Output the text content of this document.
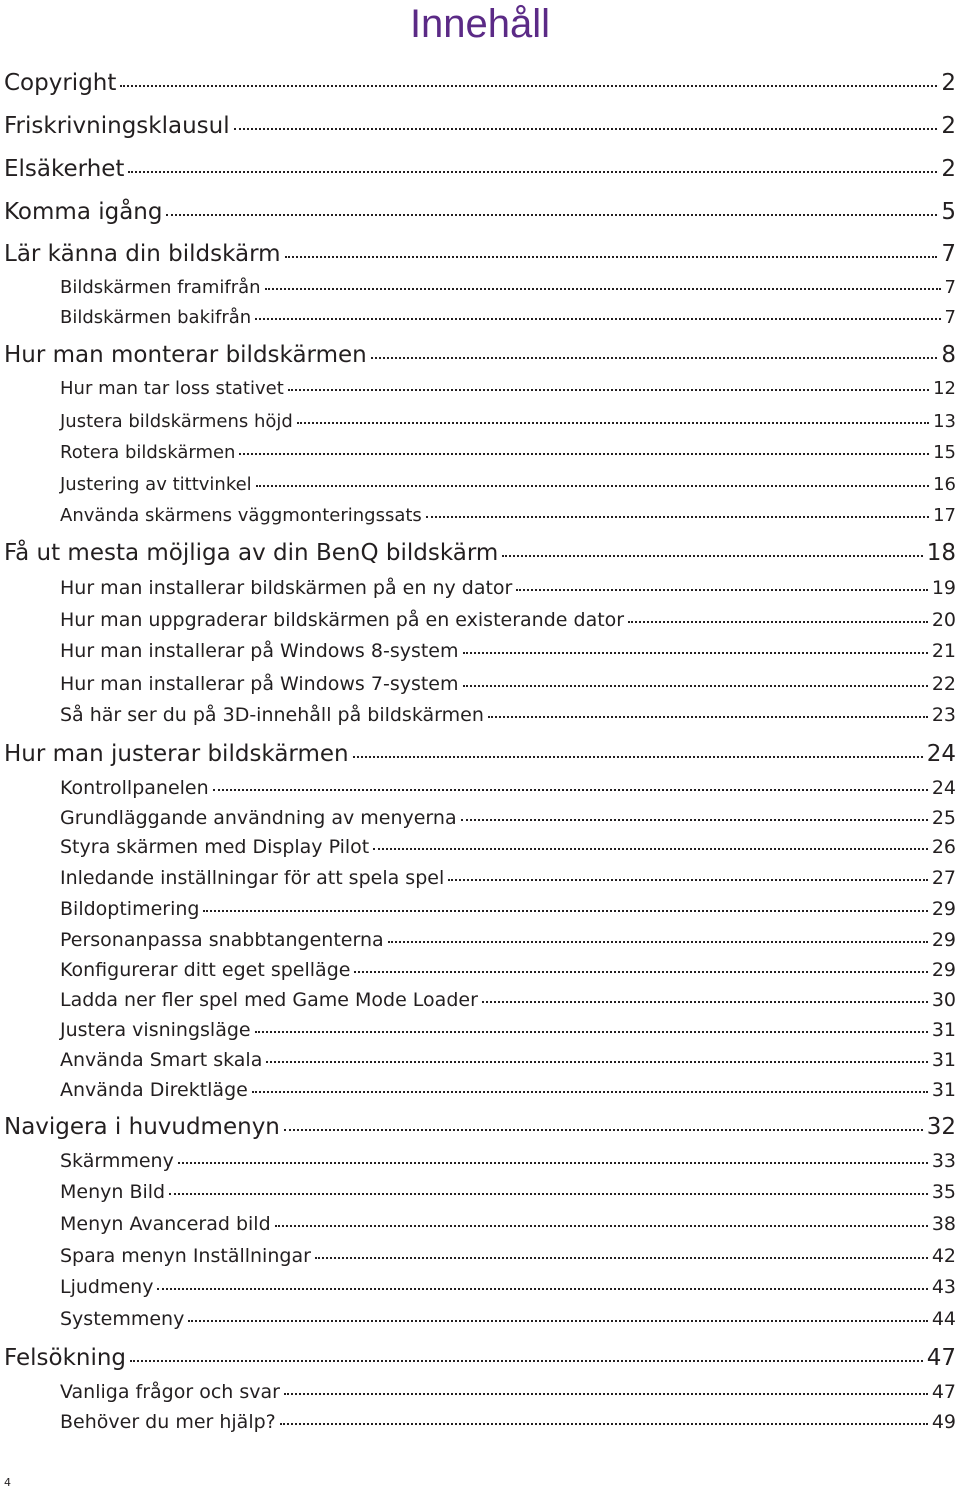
Innehåll
Copyright	2
Friskrivningsklausul	2
Elsäkerhet	2
Komma igång	5
Lär känna din bildskärm	7
Bildskärmen framifrån	7
Bildskärmen bakifrån	7
Hur man monterar bildskärmen	8
Hur man tar loss stativet	12
Justera bildskärmens höjd	13
Rotera bildskärmen	15
Justering av tittvinkel	16
Använda skärmens väggmonteringssats	17
Få ut mesta möjliga av din BenQ bildskärm	18
Hur man installerar bildskärmen på en ny dator	19
Hur man uppgraderar bildskärmen på en existerande dator	20
Hur man installerar på Windows 8-system	21
Hur man installerar på Windows 7-system	22
Så här ser du på 3D-innehåll på bildskärmen	23
Hur man justerar bildskärmen	24
Kontrollpanelen	24
Grundläggande användning av menyerna	25
Styra skärmen med Display Pilot	26
Inledande inställningar för att spela spel	27
Bildoptimering	29
Personanpassa snabbtangenterna	29
Konfigurerar ditt eget spelläge	29
Ladda ner fler spel med Game Mode Loader	30
Justera visningsläge	31
Använda Smart skala	31
Använda Direktläge	31
Navigera i huvudmenyn	32
Skärmmeny	33
Menyn Bild	35
Menyn Avancerad bild	38
Spara menyn Inställningar	42
Ljudmeny	43
Systemmeny	44
Felsökning	47
Vanliga frågor och svar	47
Behöver du mer hjälp?	49
4
